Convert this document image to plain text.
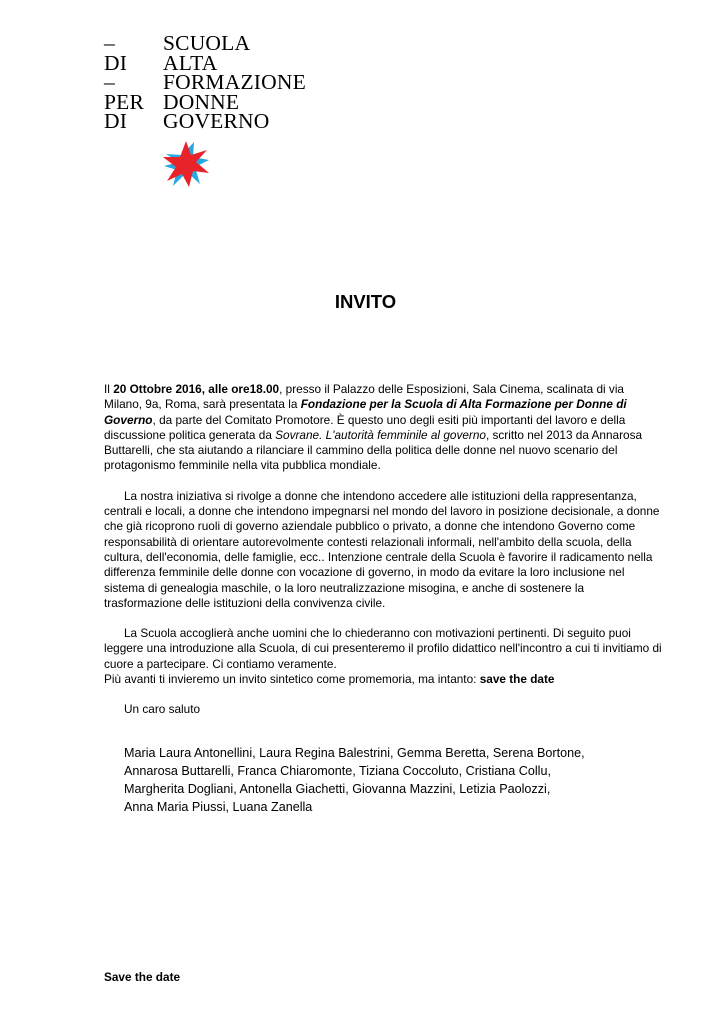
–	SCUOLA
DI	ALTA
–	FORMAZIONE
PER DONNE
DI	GOVERNO
INVITO

Il 20 Ottobre 2016, alle ore18.00, presso il Palazzo delle Esposizioni, Sala Cinema, scalinata di via Milano, 9a, Roma, sarà presentata la Fondazione per la Scuola di Alta Formazione per Donne di Governo, da parte del Comitato Promotore. È questo uno degli esiti più importanti del lavoro e della discussione politica generata da Sovrane. L'autorità femminile al governo, scritto nel 2013 da Annarosa Buttarelli, che sta aiutando a rilanciare il cammino della politica delle donne nel nuovo scenario del protagonismo femminile nella vita pubblica mondiale.

La nostra iniziativa si rivolge a donne che intendono accedere alle istituzioni della rappresentanza, centrali e locali, a donne che intendono impegnarsi nel mondo del lavoro in posizione decisionale, a donne che già ricoprono ruoli di governo aziendale pubblico o privato, a donne che intendono Governo come responsabilità di orientare autorevolmente contesti relazionali informali, nell'ambito della scuola, della cultura, dell'economia, delle famiglie, ecc.. Intenzione centrale della Scuola è favorire il radicamento nella differenza femminile delle donne con vocazione di governo, in modo da evitare la loro inclusione nel sistema di genealogia maschile, o la loro neutralizzazione misogina, e anche di sostenere la trasformazione delle istituzioni della convivenza civile.

La Scuola accoglierà anche uomini che lo chiederanno con motivazioni pertinenti. Di seguito puoi leggere una introduzione alla Scuola, di cui presenteremo il profilo didattico nell'incontro a cui ti invitiamo di cuore a partecipare. Ci contiamo veramente.

Più avanti ti invieremo un invito sintetico come promemoria, ma intanto: save the date

Un caro saluto
Maria Laura Antonellini, Laura Regina Balestrini, Gemma Beretta, Serena Bortone,
Annarosa Buttarelli, Franca Chiaromonte, Tiziana Coccoluto, Cristiana Collu,
Margherita Dogliani, Antonella Giachetti, Giovanna Mazzini, Letizia Paolozzi,
Anna Maria Piussi, Luana Zanella
Save the date
